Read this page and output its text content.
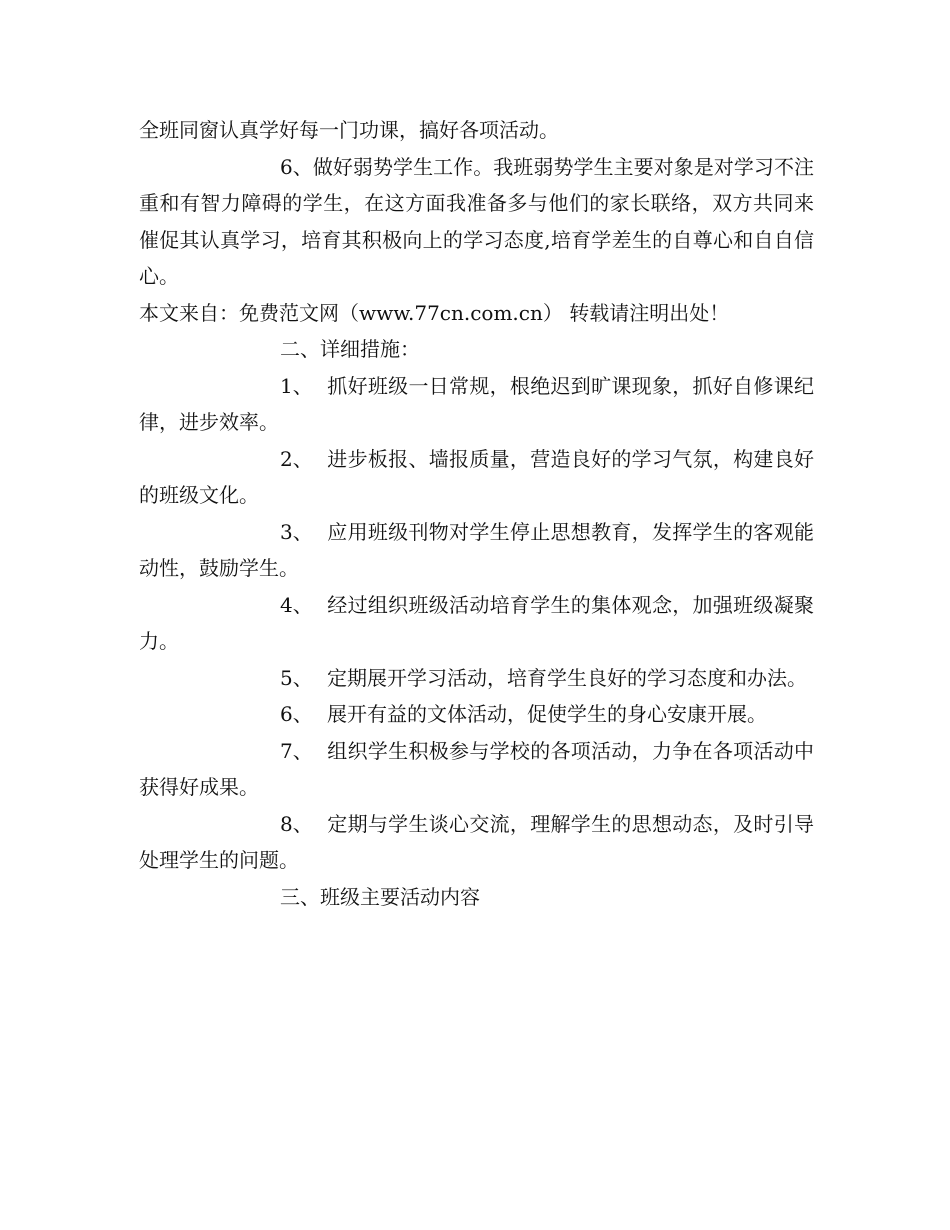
全班同窗认真学好每一门功课，搞好各项活动。

6、做好弱势学生工作。我班弱势学生主要对象是对学习不注重和有智力障碍的学生，在这方面我准备多与他们的家长联络，双方共同来催促其认真学习，培育其积极向上的学习态度,培育学差生的自尊心和自自信心。

本文来自：免费范文网（www.77cn.com.cn） 转载请注明出处！

二、详细措施：

1、 抓好班级一日常规，根绝迟到旷课现象，抓好自修课纪律，进步效率。

2、 进步板报、墙报质量，营造良好的学习气氛，构建良好的班级文化。

3、 应用班级刊物对学生停止思想教育，发挥学生的客观能动性，鼓励学生。

4、 经过组织班级活动培育学生的集体观念，加强班级凝聚力。

5、 定期展开学习活动，培育学生良好的学习态度和办法。

6、 展开有益的文体活动，促使学生的身心安康开展。

7、 组织学生积极参与学校的各项活动，力争在各项活动中获得好成果。

8、 定期与学生谈心交流，理解学生的思想动态，及时引导处理学生的问题。

三、班级主要活动内容
